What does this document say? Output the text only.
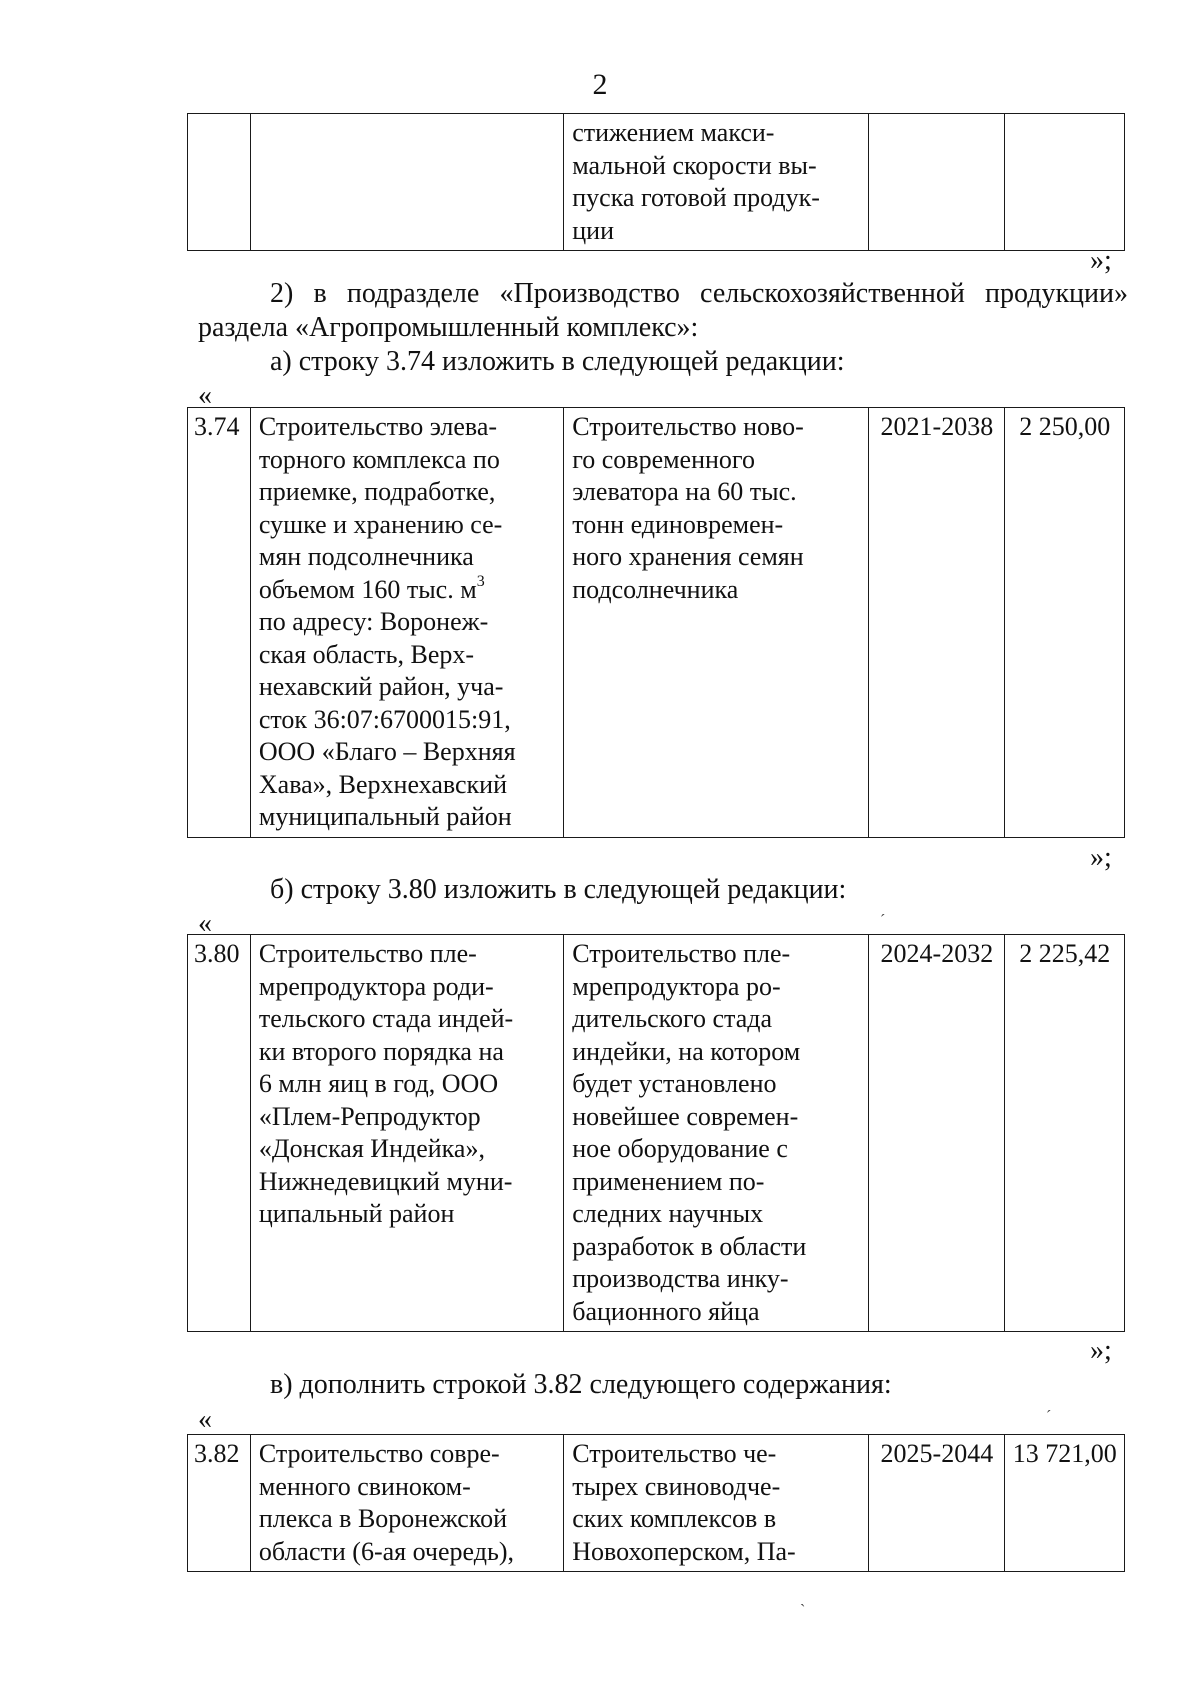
2
		стижением макси-
мальной скорости вы-
пуска готовой продук-
ции		
»;
2) в подразделе «Производство сельскохозяйственной продукции»
раздела «Агропромышленный комплекс»:
а) строку 3.74 изложить в следующей редакции:
«
3.74	Строительство элева-
торного комплекса по
приемке, подработке,
сушке и хранению се-
мян подсолнечника
объемом 160 тыс. $м^3$
по адресу: Воронеж-
ская область, Верх-
нехавский район, уча-
сток 36:07:6700015:91,
ООО «Благо – Верхняя
Хава», Верхнехавский
муниципальный район	Строительство ново-
го современного
элеватора на 60 тыс.
тонн единовремен-
ного хранения семян
подсолнечника	2021-2038	2 250,00
»;
б) строку 3.80 изложить в следующей редакции:
«	ˊ
3.80	Строительство пле-
мрепродуктора роди-
тельского стада индей-
ки второго порядка на
6 млн яиц в год, ООО
«Плем-Репродуктор
«Донская Индейка»,
Нижнедевицкий муни-
ципальный район	Строительство пле-
мрепродуктора ро-
дительского стада
индейки, на котором
будет установлено
новейшее современ-
ное оборудование с
применением по-
следних научных
разработок в области
производства инку-
бационного яйца	2024-2032	2 225,42
»;
в) дополнить строкой 3.82 следующего содержания:
«	ˊ
3.82	Строительство совре-
менного свиноком-
плекса в Воронежской
области (6-ая очередь),	Строительство че-
тырех свиноводче-
ских комплексов в
Новохоперском, Па-	2025-2044	13 721,00
ˏ
